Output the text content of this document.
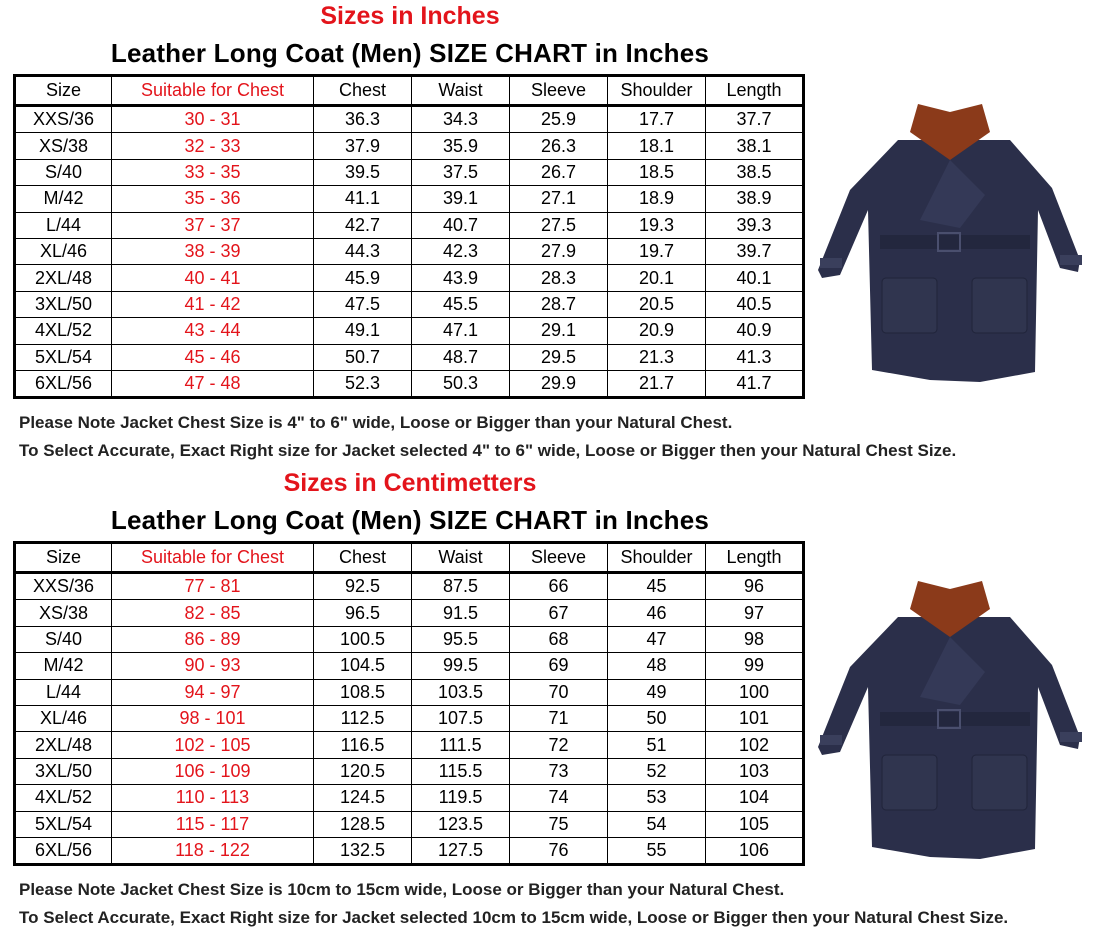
Sizes in Inches
Leather Long Coat (Men) SIZE CHART in Inches
Size	Suitable for Chest	Chest	Waist	Sleeve	Shoulder	Length
XXS/36	30 - 31	36.3	34.3	25.9	17.7	37.7
XS/38	32 - 33	37.9	35.9	26.3	18.1	38.1
S/40	33 - 35	39.5	37.5	26.7	18.5	38.5
M/42	35 - 36	41.1	39.1	27.1	18.9	38.9
L/44	37 - 37	42.7	40.7	27.5	19.3	39.3
XL/46	38 - 39	44.3	42.3	27.9	19.7	39.7
2XL/48	40 - 41	45.9	43.9	28.3	20.1	40.1
3XL/50	41 - 42	47.5	45.5	28.7	20.5	40.5
4XL/52	43 - 44	49.1	47.1	29.1	20.9	40.9
5XL/54	45 - 46	50.7	48.7	29.5	21.3	41.3
6XL/56	47 - 48	52.3	50.3	29.9	21.7	41.7
Please Note Jacket Chest Size is 4" to 6" wide, Loose or Bigger than your Natural Chest.
To Select Accurate, Exact Right size for Jacket selected 4" to 6" wide, Loose or Bigger then your Natural Chest Size.
Sizes in Centimetters
Leather Long Coat (Men) SIZE CHART in Inches
Size	Suitable for Chest	Chest	Waist	Sleeve	Shoulder	Length
XXS/36	77 - 81	92.5	87.5	66	45	96
XS/38	82 - 85	96.5	91.5	67	46	97
S/40	86 - 89	100.5	95.5	68	47	98
M/42	90 - 93	104.5	99.5	69	48	99
L/44	94 - 97	108.5	103.5	70	49	100
XL/46	98 - 101	112.5	107.5	71	50	101
2XL/48	102 - 105	116.5	111.5	72	51	102
3XL/50	106 - 109	120.5	115.5	73	52	103
4XL/52	110 - 113	124.5	119.5	74	53	104
5XL/54	115 - 117	128.5	123.5	75	54	105
6XL/56	118 - 122	132.5	127.5	76	55	106
Please Note Jacket Chest Size is 10cm to 15cm wide, Loose or Bigger than your Natural Chest.
To Select Accurate, Exact Right size for Jacket selected 10cm to 15cm wide, Loose or Bigger then your Natural Chest Size.
